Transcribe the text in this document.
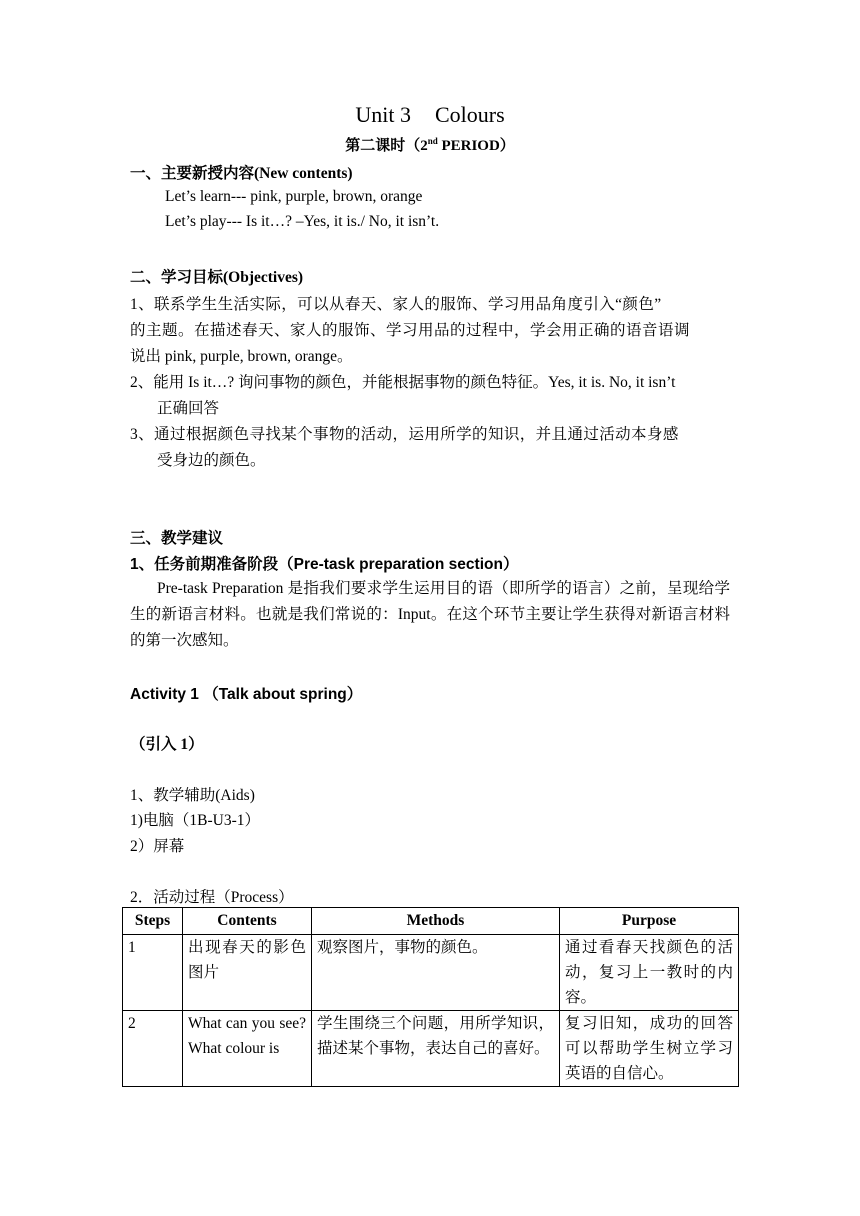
Unit 3 Colours
第二课时（2nd PERIOD）
一、主要新授内容(New contents)
Let’s learn--- pink, purple, brown, orange
Let’s play--- Is it…? –Yes, it is./ No, it isn’t.
二、学习目标(Objectives)
1、联系学生生活实际，可以从春天、家人的服饰、学习用品角度引入“颜色”
的主题。在描述春天、家人的服饰、学习用品的过程中，学会用正确的语音语调
说出 pink, purple, brown, orange。
2、能用 Is it…? 询问事物的颜色，并能根据事物的颜色特征。Yes, it is. No, it isn’t
正确回答
3、通过根据颜色寻找某个事物的活动，运用所学的知识，并且通过活动本身感
受身边的颜色。
三、教学建议
1、任务前期准备阶段（Pre-task preparation section）
Pre-task Preparation 是指我们要求学生运用目的语（即所学的语言）之前，呈现给学生的新语言材料。也就是我们常说的：Input。在这个环节主要让学生获得对新语言材料的第一次感知。
Activity 1 （Talk about spring）
（引入 1）
1、教学辅助(Aids)
1)电脑（1B-U3-1）
2）屏幕
2．活动过程（Process）
Steps	Contents	Methods	Purpose
1	出现春天的影色图片	观察图片，事物的颜色。	通过看春天找颜色的活动，复习上一教时的内容。
2	What can you see? What colour is	学生围绕三个问题，用所学知识，描述某个事物，表达自己的喜好。	复习旧知，成功的回答可以帮助学生树立学习英语的自信心。
